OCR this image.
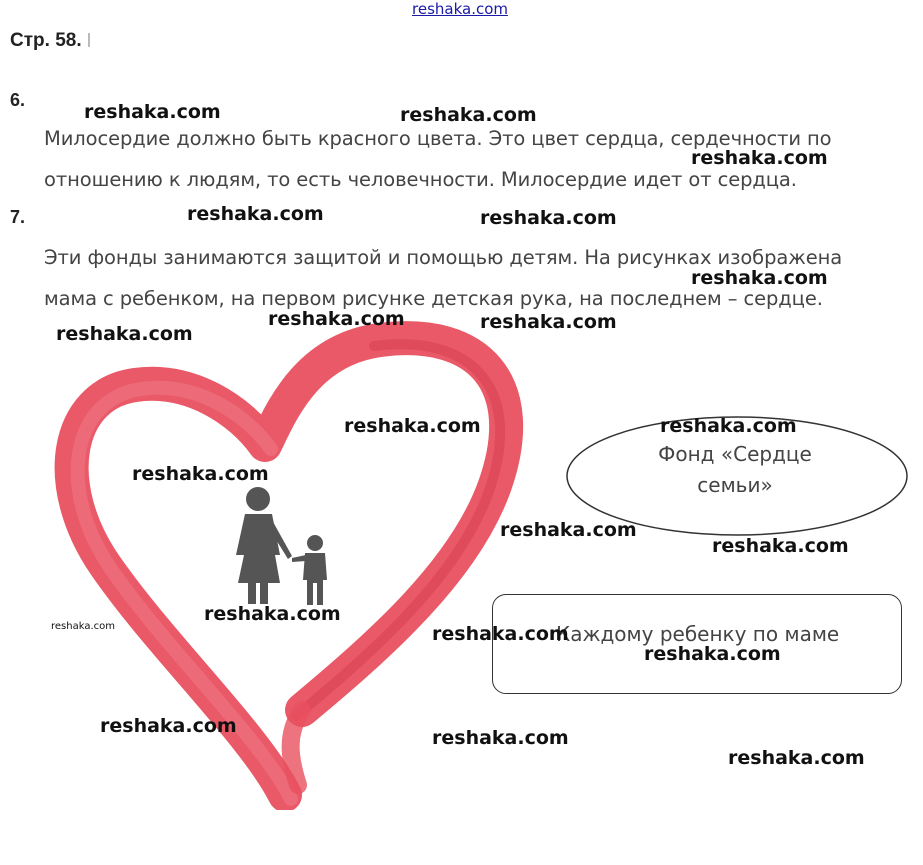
reshaka.com
Стр. 58.
6.
Милосердие должно быть красного цвета. Это цвет сердца, сердечности по
отношению к людям, то есть человечности. Милосердие идет от сердца.
7.
Эти фонды занимаются защитой и помощью детям. На рисунках изображена
мама с ребенком, на первом рисунке детская рука, на последнем – сердце.
Фонд «Сердце
семьи»
Каждому ребенку по маме
reshaka.com	reshaka.com
reshaka.com
reshaka.com	reshaka.com
reshaka.com
reshaka.com	reshaka.com
reshaka.com
reshaka.com	reshaka.com
reshaka.com
reshaka.com
reshaka.com
reshaka.com
reshaka.com	reshaka.com
reshaka.com
reshaka.com
reshaka.com
reshaka.com
